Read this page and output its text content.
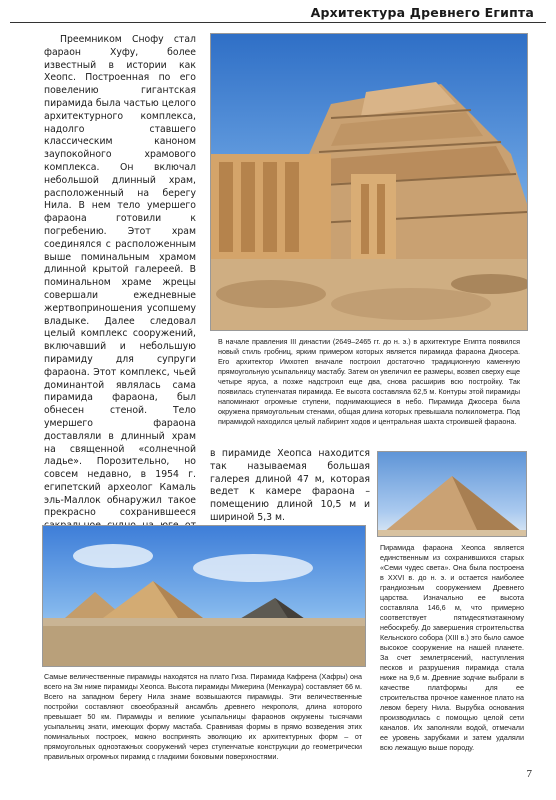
Архитектура Древнего Египта

Преемником Снофу стал фараон Хуфу, более известный в истории как Хеопс. Построенная по его повелению гигантская пирамида была частью целого архитектурного комплекса, надолго ставшего классическим каноном заупокойного храмового комплекса. Он включал небольшой длинный храм, расположенный на берегу Нила. В нем тело умершего фараона готовили к погребению. Этот храм соединялся с расположенным выше поминальным храмом длинной крытой галереей. В поминальном храме жрецы совершали ежедневные жертвоприношения усопшему владыке. Далее следовал целый комплекс сооружений, включавший и небольшую пирамиду для супруги фараона. Этот комплекс, чьей доминантой являлась сама пирамида фараона, был обнесен стеной. Тело умершего фараона доставляли в длинный храм на священной «солнечной ладье». Порозительно, но совсем недавно, в 1954 г. египетский археолог Камаль эль-Маллок обнаружил такое прекрасно сохранившееся

В начале правления III династии (2649–2465 гг. до н. э.) в архитектуре Египта появился новый стиль гробниц, ярким примером которых является пирамида фараона Джосера. Его архитектор Имхотеп вначале построил достаточно традиционную каменную прямоугольную усыпальницу мастабу. Затем он увеличил ее размеры, возвел сверху еще четыре яруса, а позже надстроил еще два, снова расширив всю постройку. Так появилась ступенчатая пирамида. Ее высота составляла 62,5 м. Контуры этой пирамиды напоминают огромные ступени, поднимающиеся в небо. Пирамида Джосера была окружена прямоугольным стенами, общая длина которых превышала полкилометра. Под пирамидой находился целый лабиринт ходов и центральная шахта строившей фараона.
в пирамиде Хеопса находится так называемая большая галерея длиной 47 м, которая ведет к камере фараона – помещению длиной 10,5 м и шириной 5,3 м.
Пирамида фараона Хеопса является единственным из сохранившихся старых «Семи чудес света». Она была построена в XXVI в. до н. э. и остается наиболее грандиозным сооружением Древнего царства. Изначально ее высота составляла 146,6 м, что примерно соответствует пятидесятиэтажному небоскребу. До завершения строительства Кельнского собора (XIII в.) это было самое высокое сооружение на нашей планете. За счет землетрясений, наступления песков и разрушения пирамида стала ниже на 9,6 м. Древние зодчие выбрали в качестве платформы для ее строительства прочное каменное плато на левом берегу Нила. Вырубка основания производилась с помощью целой сети каналов. Их заполняли водой, отмечали ее уровень зарубками и затем удаляли всю лежащую выше породу.
Самые величественные пирамиды находятся на плато Гиза. Пирамида Кафрена (Хафры) она всего на 3м ниже пирамиды Хеопса. Высота пирамиды Микерина (Менкаура) составляет 66 м. Всего на западном берегу Нила знаме возвышаются пирамиды. Эти величественные постройки составляют своеобразный ансамбль древнего некрополя, длина которого превышает 50 км. Пирамиды и великие усыпальницы фараонов окружены тысячами усыпальниц знати, имеющих форму мастаба. Сравнивая формы в прямо возведения этих поминальных построек, можно воспринять эволюцию их архитектурных форм – от прямоугольных одноэтажных сооружений через ступенчатые конструкции до геометрически правильных огромных пирамид с гладкими боковыми поверхностями.
7
